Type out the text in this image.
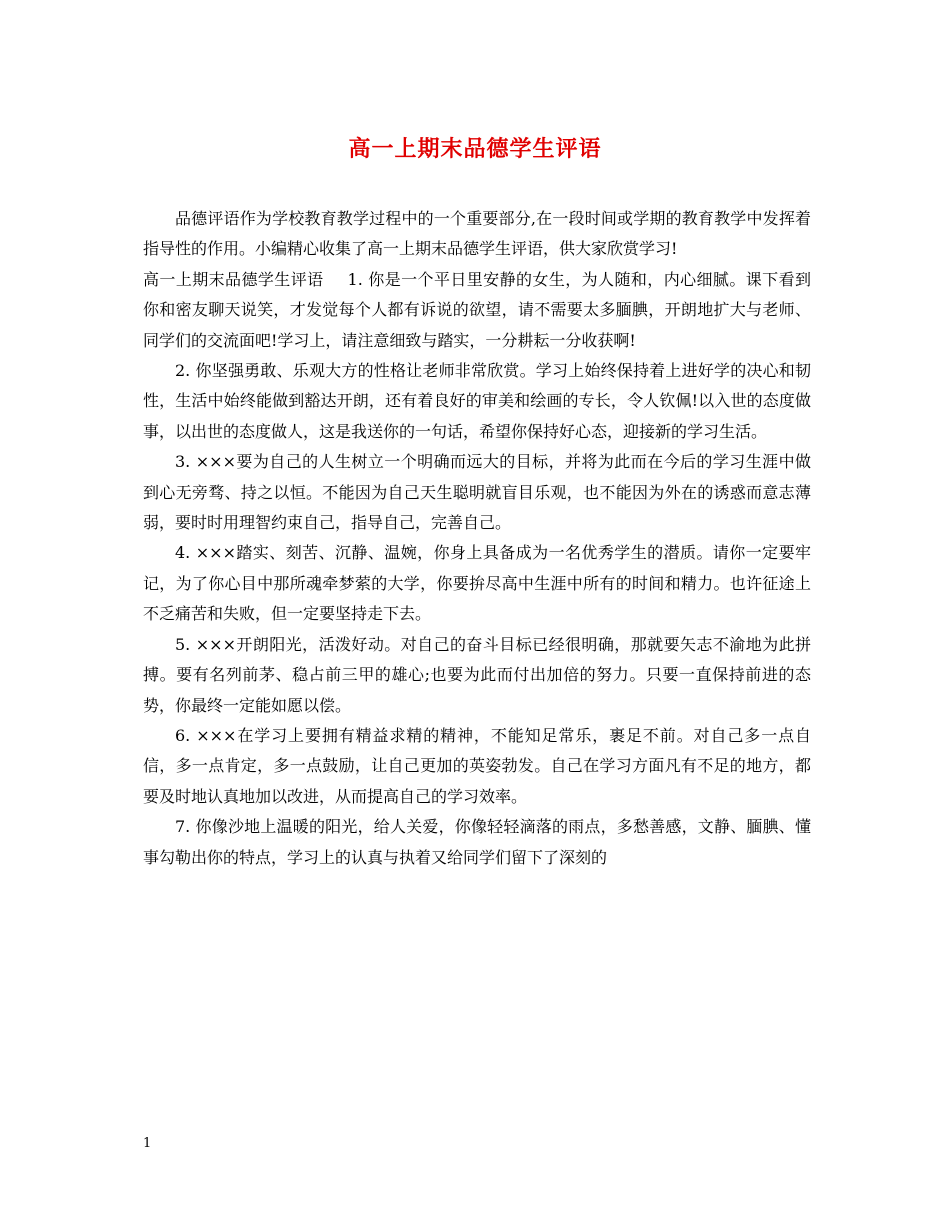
高一上期末品德学生评语

品德评语作为学校教育教学过程中的一个重要部分,在一段时间或学期的教育教学中发挥着指导性的作用。小编精心收集了高一上期末品德学生评语，供大家欣赏学习!

高一上期末品德学生评语   1. 你是一个平日里安静的女生，为人随和，内心细腻。课下看到你和密友聊天说笑，才发觉每个人都有诉说的欲望，请不需要太多腼腆，开朗地扩大与老师、同学们的交流面吧!学习上，请注意细致与踏实，一分耕耘一分收获啊!

2. 你坚强勇敢、乐观大方的性格让老师非常欣赏。学习上始终保持着上进好学的决心和韧性，生活中始终能做到豁达开朗，还有着良好的审美和绘画的专长，令人钦佩!以入世的态度做事，以出世的态度做人，这是我送你的一句话，希望你保持好心态，迎接新的学习生活。

3. ×××要为自己的人生树立一个明确而远大的目标，并将为此而在今后的学习生涯中做到心无旁骛、持之以恒。不能因为自己天生聪明就盲目乐观，也不能因为外在的诱惑而意志薄弱，要时时用理智约束自己，指导自己，完善自己。

4. ×××踏实、刻苦、沉静、温婉，你身上具备成为一名优秀学生的潜质。请你一定要牢记，为了你心目中那所魂牵梦萦的大学，你要拚尽高中生涯中所有的时间和精力。也许征途上不乏痛苦和失败，但一定要坚持走下去。

5. ×××开朗阳光，活泼好动。对自己的奋斗目标已经很明确，那就要矢志不渝地为此拼搏。要有名列前茅、稳占前三甲的雄心;也要为此而付出加倍的努力。只要一直保持前进的态势，你最终一定能如愿以偿。

6. ×××在学习上要拥有精益求精的精神，不能知足常乐，裹足不前。对自己多一点自信，多一点肯定，多一点鼓励，让自己更加的英姿勃发。自己在学习方面凡有不足的地方，都要及时地认真地加以改进，从而提高自己的学习效率。

7. 你像沙地上温暖的阳光，给人关爱，你像轻轻滴落的雨点，多愁善感，文静、腼腆、懂事勾勒出你的特点，学习上的认真与执着又给同学们留下了深刻的

1
